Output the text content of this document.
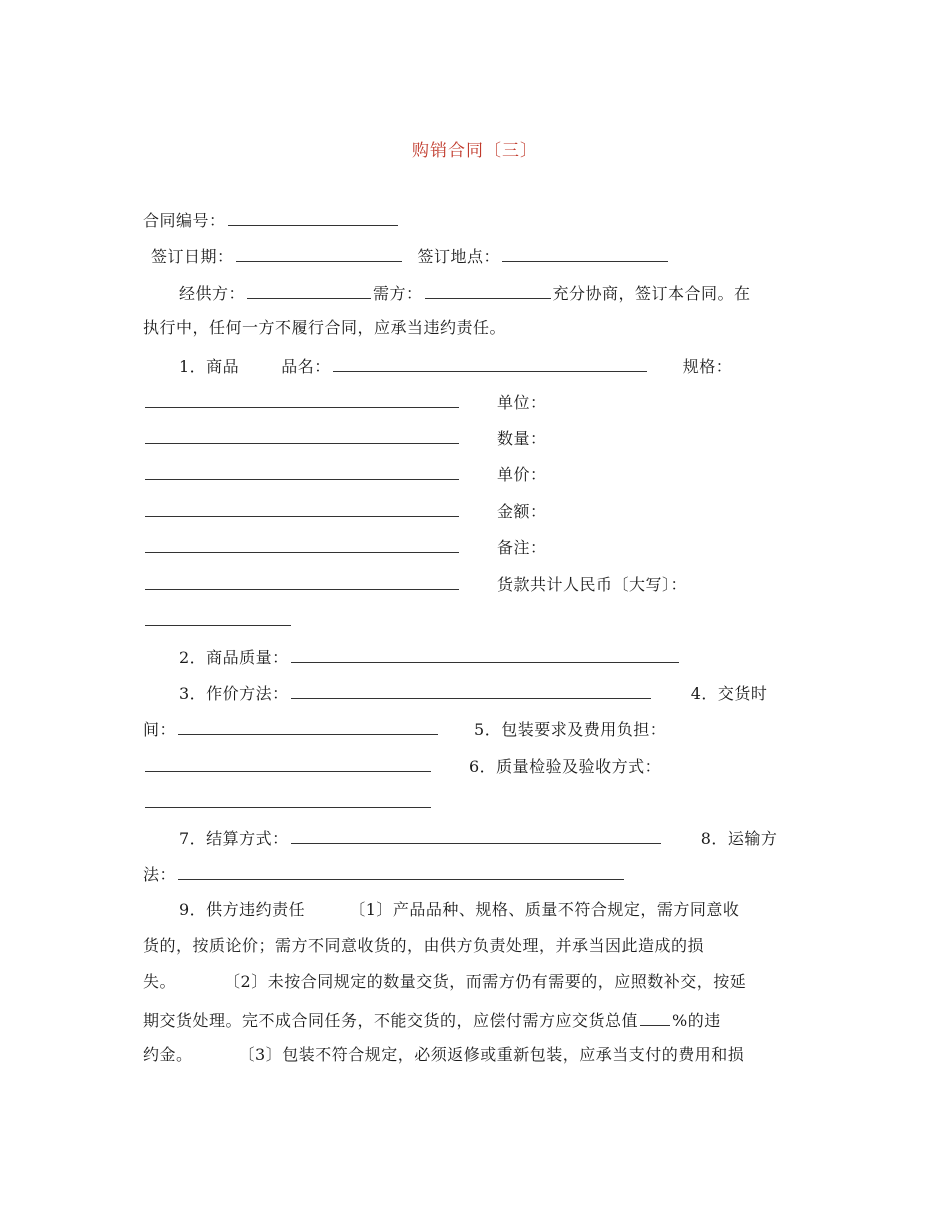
购销合同〔三〕
合同编号：
签订日期：	签订地点：
经供方：	需方：	充分协商，签订本合同。在
执行中，任何一方不履行合同，应承当违约责任。
1．商品	品名：	规格：
单位：
数量：
单价：
金额：
备注：
货款共计人民币〔大写〕：
2．商品质量：
3．作价方法：	4．交货时
间：	5．包装要求及费用负担：
6．质量检验及验收方式：
7．结算方式：	8．运输方
法：
9．供方违约责任	〔1〕产品品种、规格、质量不符合规定，需方同意收
货的，按质论价；需方不同意收货的，由供方负责处理，并承当因此造成的损
失。	〔2〕未按合同规定的数量交货，而需方仍有需要的，应照数补交，按延
期交货处理。完不成合同任务，不能交货的，应偿付需方应交货总值 %的违
约金。	〔3〕包装不符合规定，必须返修或重新包装，应承当支付的费用和损
